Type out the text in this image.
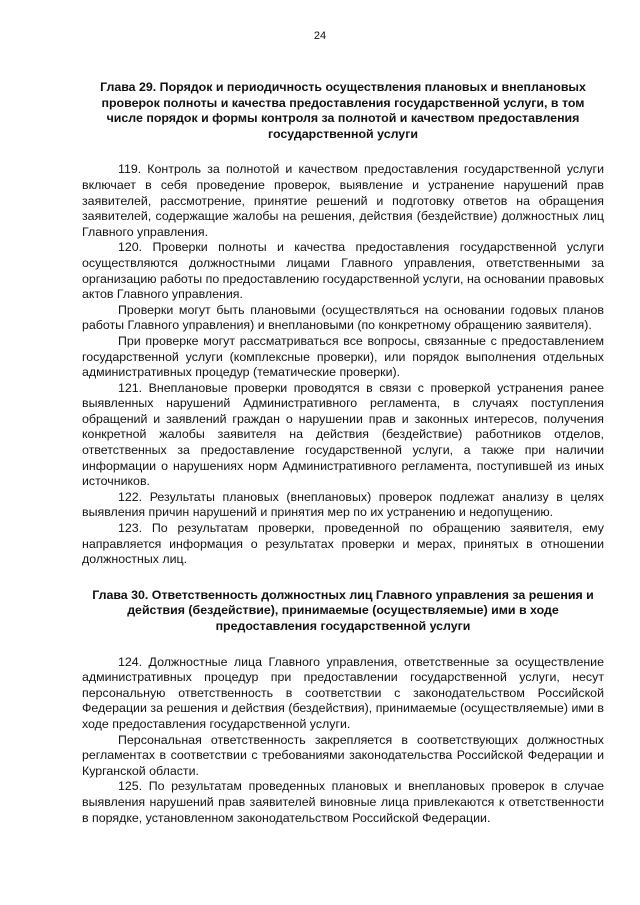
24
Глава 29. Порядок и периодичность осуществления плановых и внеплановых проверок полноты и качества предоставления государственной услуги, в том числе порядок и формы контроля за полнотой и качеством предоставления государственной услуги

119. Контроль за полнотой и качеством предоставления государственной услуги включает в себя проведение проверок, выявление и устранение нарушений прав заявителей, рассмотрение, принятие решений и подготовку ответов на обращения заявителей, содержащие жалобы на решения, действия (бездействие) должностных лиц Главного управления.

120. Проверки полноты и качества предоставления государственной услуги осуществляются должностными лицами Главного управления, ответственными за организацию работы по предоставлению государственной услуги, на основании правовых актов Главного управления.

Проверки могут быть плановыми (осуществляться на основании годовых планов работы Главного управления) и внеплановыми (по конкретному обращению заявителя).

При проверке могут рассматриваться все вопросы, связанные с предоставлением государственной услуги (комплексные проверки), или порядок выполнения отдельных административных процедур (тематические проверки).

121. Внеплановые проверки проводятся в связи с проверкой устранения ранее выявленных нарушений Административного регламента, в случаях поступления обращений и заявлений граждан о нарушении прав и законных интересов, получения конкретной жалобы заявителя на действия (бездействие) работников отделов, ответственных за предоставление государственной услуги, а также при наличии информации о нарушениях норм Административного регламента, поступившей из иных источников.

122. Результаты плановых (внеплановых) проверок подлежат анализу в целях выявления причин нарушений и принятия мер по их устранению и недопущению.

123. По результатам проверки, проведенной по обращению заявителя, ему направляется информация о результатах проверки и мерах, принятых в отношении должностных лиц.

Глава 30. Ответственность должностных лиц Главного управления за решения и действия (бездействие), принимаемые (осуществляемые) ими в ходе предоставления государственной услуги

124. Должностные лица Главного управления, ответственные за осуществление административных процедур при предоставлении государственной услуги, несут персональную ответственность в соответствии с законодательством Российской Федерации за решения и действия (бездействия), принимаемые (осуществляемые) ими в ходе предоставления государственной услуги.

Персональная ответственность закрепляется в соответствующих должностных регламентах в соответствии с требованиями законодательства Российской Федерации и Курганской области.

125. По результатам проведенных плановых и внеплановых проверок в случае выявления нарушений прав заявителей виновные лица привлекаются к ответственности в порядке, установленном законодательством Российской Федерации.
